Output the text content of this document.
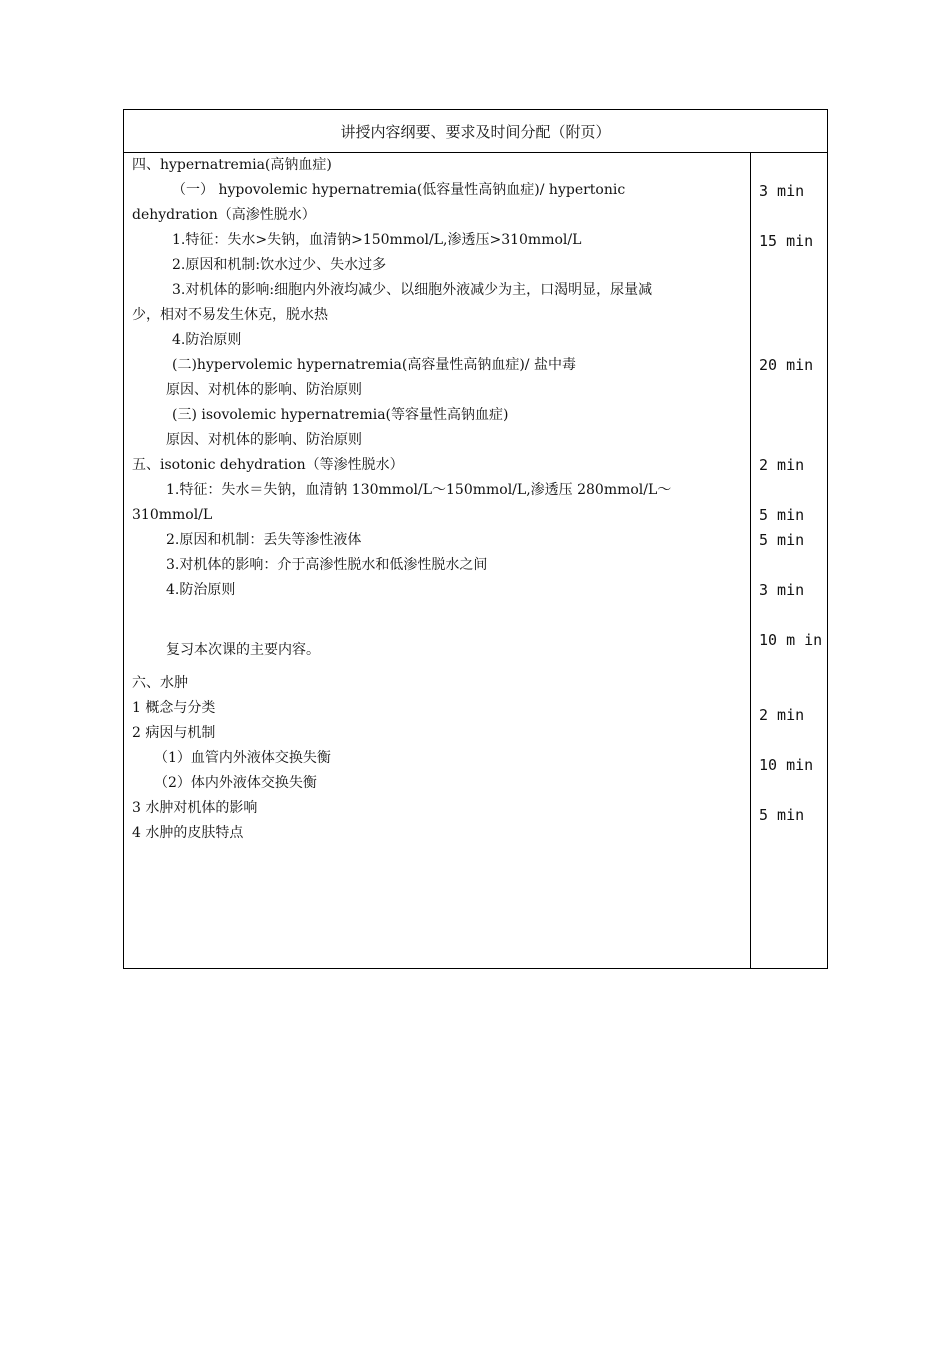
讲授内容纲要、要求及时间分配（附页）
四、hypernatremia(高钠血症)
（一） hypovolemic hypernatremia(低容量性高钠血症)/ hypertonic
dehydration（高渗性脱水）
1.特征：失水>失钠，血清钠>150mmol/L,渗透压>310mmol/L
2.原因和机制:饮水过少、失水过多
3.对机体的影响:细胞内外液均减少、以细胞外液减少为主，口渴明显，尿量减
少，相对不易发生休克，脱水热
4.防治原则
(二)hypervolemic hypernatremia(高容量性高钠血症)/ 盐中毒
原因、对机体的影响、防治原则
(三) isovolemic hypernatremia(等容量性高钠血症)
原因、对机体的影响、防治原则
五、isotonic dehydration（等渗性脱水）
1.特征：失水＝失钠，血清钠 130mmol/L～150mmol/L,渗透压 280mmol/L～
310mmol/L
2.原因和机制：丢失等渗性液体
3.对机体的影响：介于高渗性脱水和低渗性脱水之间
4.防治原则
复习本次课的主要内容。
六、水肿
1 概念与分类
2 病因与机制
（1）血管内外液体交换失衡
（2）体内外液体交换失衡
3 水肿对机体的影响
4 水肿的皮肤特点
3 min
15 min
20 min
2 min
5 min
5 min
3 min
10 m in
2 min
10 min
5 min
